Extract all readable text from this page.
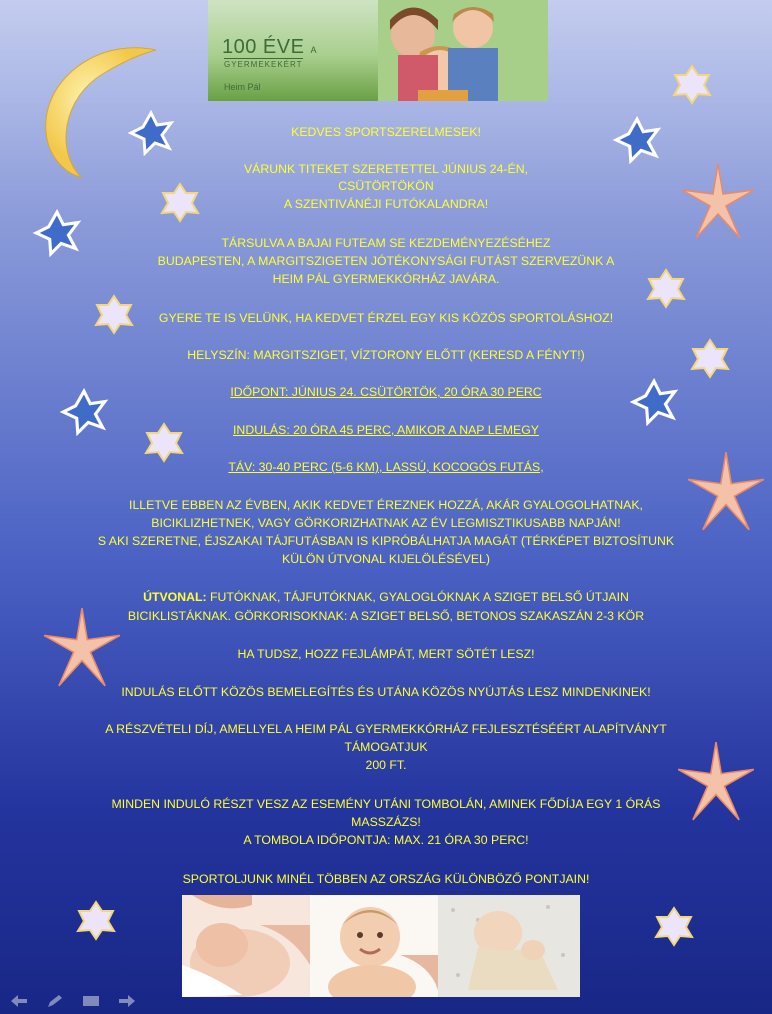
100 ÉVE A
GYERMEKEKÉRT
Heim Pál
KEDVES SPORTSZERELMESEK!
VÁRUNK TITEKET SZERETETTEL JÚNIUS 24-ÉN,
CSÜTÖRTÖKÖN
A SZENTIVÁNÉJI FUTÓKALANDRA!
TÁRSULVA A BAJAI FUTEAM SE KEZDEMÉNYEZÉSÉHEZ
BUDAPESTEN, A MARGITSZIGETEN JÓTÉKONYSÁGI FUTÁST SZERVEZÜNK A
HEIM PÁL GYERMEKKÓRHÁZ JAVÁRA.
GYERE TE IS VELÜNK, HA KEDVET ÉRZEL EGY KIS KÖZÖS SPORTOLÁSHOZ!
HELYSZÍN: MARGITSZIGET, VÍZTORONY ELŐTT (KERESD A FÉNYT!)
IDŐPONT: JÚNIUS 24. CSÜTÖRTÖK, 20 ÓRA 30 PERC
INDULÁS: 20 ÓRA 45 PERC, AMIKOR A NAP LEMEGY
TÁV: 30-40 PERC (5-6 KM), LASSÚ, KOCOGÓS FUTÁS,
ILLETVE EBBEN AZ ÉVBEN, AKIK KEDVET ÉREZNEK HOZZÁ, AKÁR GYALOGOLHATNAK,
BICIKLIZHETNEK, VAGY GÖRKORIZHATNAK AZ ÉV LEGMISZTIKUSABB NAPJÁN!
S AKI SZERETNE, ÉJSZAKAI TÁJFUTÁSBAN IS KIPRÓBÁLHATJA MAGÁT (TÉRKÉPET BIZTOSÍTUNK
KÜLÖN ÚTVONAL KIJELÖLÉSÉVEL)
ÚTVONAL: FUTÓKNAK, TÁJFUTÓKNAK, GYALOGLÓKNAK A SZIGET BELSŐ ÚTJAIN
BICIKLISTÁKNAK. GÖRKORISOKNAK: A SZIGET BELSŐ, BETONOS SZAKASZÁN 2-3 KÖR
HA TUDSZ, HOZZ FEJLÁMPÁT, MERT SÖTÉT LESZ!
INDULÁS ELŐTT KÖZÖS BEMELEGÍTÉS ÉS UTÁNA KÖZÖS NYÚJTÁS LESZ MINDENKINEK!
A RÉSZVÉTELI DÍJ, AMELLYEL A HEIM PÁL GYERMEKKÓRHÁZ FEJLESZTÉSÉÉRT ALAPÍTVÁNYT
TÁMOGATJUK
200 FT.
MINDEN INDULÓ RÉSZT VESZ AZ ESEMÉNY UTÁNI TOMBOLÁN, AMINEK FŐDÍJA EGY 1 ÓRÁS
MASSZÁZS!
A TOMBOLA IDŐPONTJA: MAX. 21 ÓRA 30 PERC!
SPORTOLJUNK MINÉL TÖBBEN AZ ORSZÁG KÜLÖNBÖZŐ PONTJAIN!
